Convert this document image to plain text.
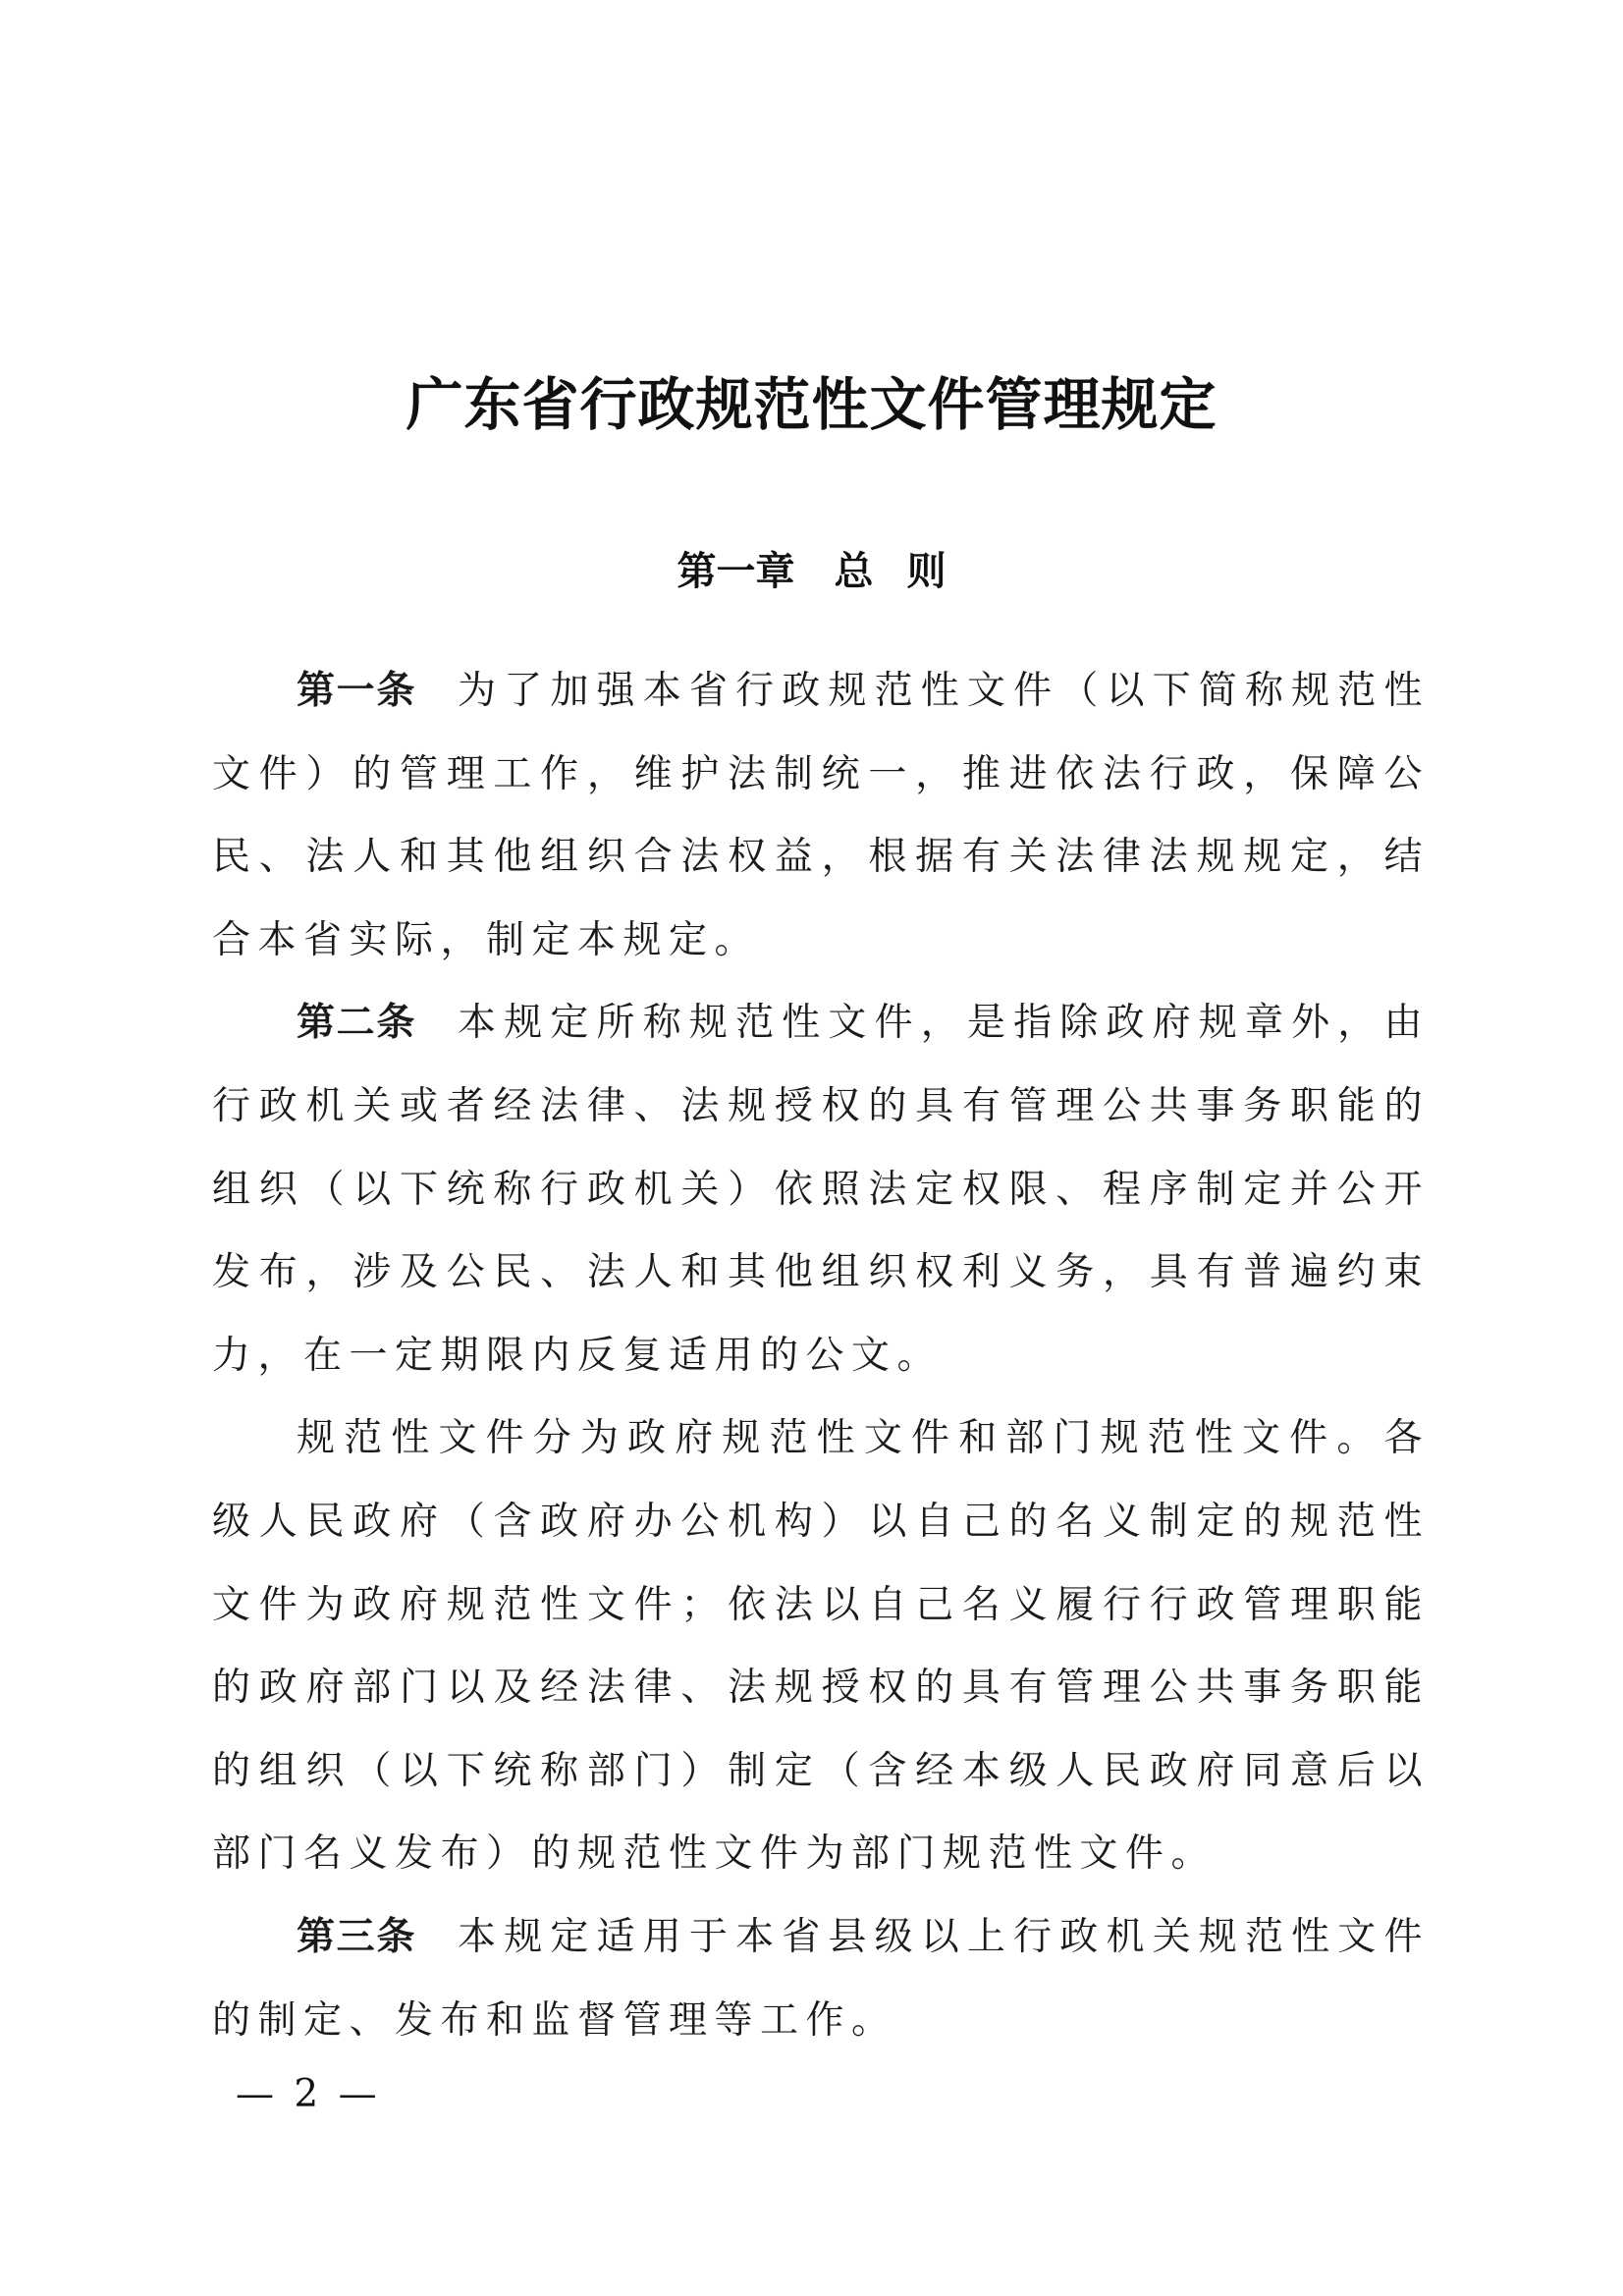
广东省行政规范性文件管理规定
第一章 总 则

第一条 为了加强本省行政规范性文件（以下简称规范性文件）的管理工作，维护法制统一，推进依法行政，保障公民、法人和其他组织合法权益，根据有关法律法规规定，结合本省实际，制定本规定。

第二条 本规定所称规范性文件，是指除政府规章外，由行政机关或者经法律、法规授权的具有管理公共事务职能的组织（以下统称行政机关）依照法定权限、程序制定并公开发布，涉及公民、法人和其他组织权利义务，具有普遍约束力，在一定期限内反复适用的公文。

规范性文件分为政府规范性文件和部门规范性文件。各级人民政府（含政府办公机构）以自己的名义制定的规范性文件为政府规范性文件；依法以自己名义履行行政管理职能的政府部门以及经法律、法规授权的具有管理公共事务职能的组织（以下统称部门）制定（含经本级人民政府同意后以部门名义发布）的规范性文件为部门规范性文件。

第三条 本规定适用于本省县级以上行政机关规范性文件的制定、发布和监督管理等工作。

— 2 —
